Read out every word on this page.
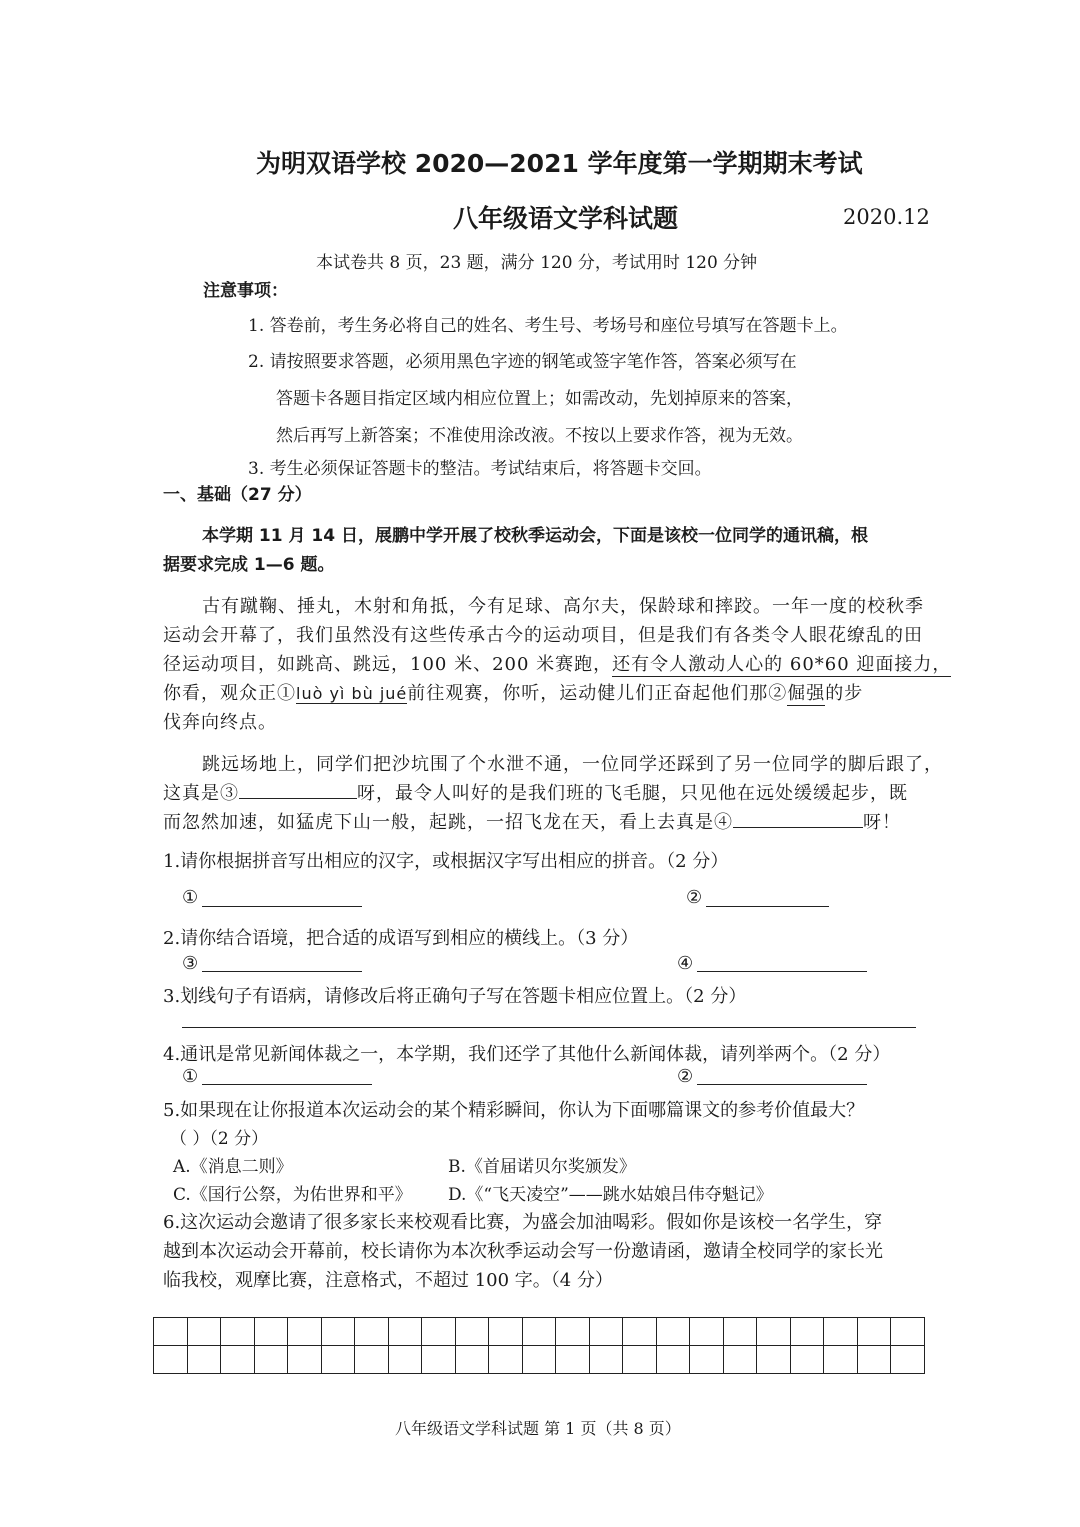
为明双语学校 2020—2021 学年度第一学期期末考试
八年级语文学科试题	2020.12
本试卷共 8 页，23 题，满分 120 分，考试用时 120 分钟
注意事项：
1. 答卷前，考生务必将自己的姓名、考生号、考场号和座位号填写在答题卡上。
2. 请按照要求答题，必须用黑色字迹的钢笔或签字笔作答，答案必须写在
答题卡各题目指定区域内相应位置上；如需改动，先划掉原来的答案，
然后再写上新答案；不准使用涂改液。不按以上要求作答，视为无效。
3. 考生必须保证答题卡的整洁。考试结束后，将答题卡交回。
一、基础（27 分）
本学期 11 月 14 日，展鹏中学开展了校秋季运动会，下面是该校一位同学的通讯稿，根
据要求完成 1—6 题。
古有蹴鞠、捶丸，木射和角抵，今有足球、高尔夫，保龄球和摔跤。一年一度的校秋季
运动会开幕了，我们虽然没有这些传承古今的运动项目，但是我们有各类令人眼花缭乱的田
径运动项目，如跳高、跳远，100 米、200 米赛跑，还有令人激动人心的 60*60 迎面接力，
你看，观众正①luò yì bù jué前往观赛，你听，运动健儿们正奋起他们那②倔强的步
伐奔向终点。
跳远场地上，同学们把沙坑围了个水泄不通，一位同学还踩到了另一位同学的脚后跟了，
这真是③	呀，最令人叫好的是我们班的飞毛腿，只见他在远处缓缓起步，既
而忽然加速，如猛虎下山一般，起跳，一招飞龙在天，看上去真是④	呀！
1.请你根据拼音写出相应的汉字，或根据汉字写出相应的拼音。（2 分）
①	②
2.请你结合语境，把合适的成语写到相应的横线上。（3 分）
③	④
3.划线句子有语病，请修改后将正确句子写在答题卡相应位置上。（2 分）
4.通讯是常见新闻体裁之一，本学期，我们还学了其他什么新闻体裁，请列举两个。（2 分）
①	②
5.如果现在让你报道本次运动会的某个精彩瞬间，你认为下面哪篇课文的参考价值最大？
（ ）（2 分）
A.《消息二则》	B.《首届诺贝尔奖颁发》
C.《国行公祭，为佑世界和平》 D.《“飞天凌空”——跳水姑娘吕伟夺魁记》
6.这次运动会邀请了很多家长来校观看比赛，为盛会加油喝彩。假如你是该校一名学生，穿
越到本次运动会开幕前，校长请你为本次秋季运动会写一份邀请函，邀请全校同学的家长光
临我校，观摩比赛，注意格式，不超过 100 字。（4 分）

八年级语文学科试题 第 1 页（共 8 页）
